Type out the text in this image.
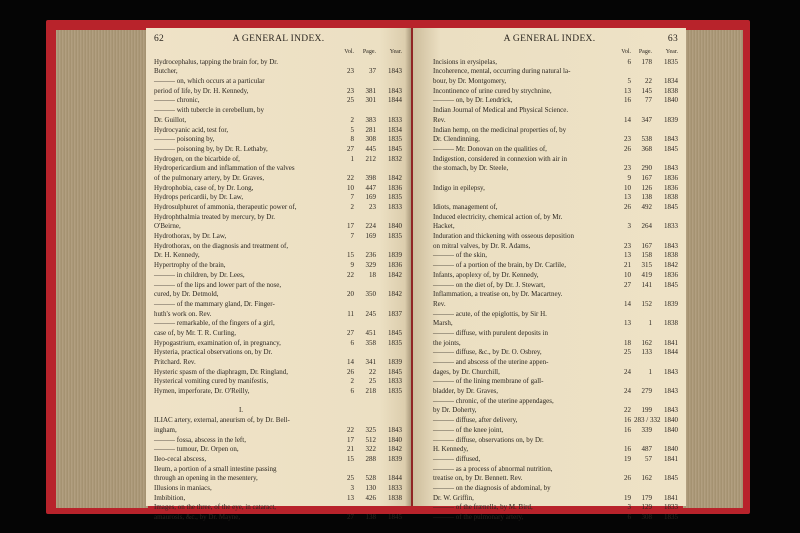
62	A GENERAL INDEX.
Vol.	Page.	Year.
Hydrocephalus, tapping the brain for, by Dr.
Butcher,	23	37	1843
——— on, which occurs at a particular
period of life, by Dr. H. Kennedy,	23	381	1843
——— chronic,	25	301	1844
——— with tubercle in cerebellum, by
Dr. Guillot,	2	383	1833
Hydrocyanic acid, test for,	5	281	1834
——— poisoning by,	8	308	1835
——— poisoning by, by Dr. R. Lethaby,	27	445	1845
Hydrogen, on the bicarbide of,	1	212	1832
Hydropericardium and inflammation of the valves
of the pulmonary artery, by Dr. Graves,	22	398	1842
Hydrophobia, case of, by Dr. Long,	10	447	1836
Hydrops pericardii, by Dr. Law,	7	169	1835
Hydrosulphuret of ammonia, therapeutic power of,	2	23	1833
Hydrophthalmia treated by mercury, by Dr.
O'Beirne,	17	224	1840
Hydrothorax, by Dr. Law,	7	169	1835
Hydrothorax, on the diagnosis and treatment of,
Dr. H. Kennedy,	15	236	1839
Hypertrophy of the brain,	9	329	1836
——— in children, by Dr. Lees,	22	18	1842
——— of the lips and lower part of the nose,
cured, by Dr. Detmold,	20	350	1842
——— of the mammary gland, Dr. Finger-
huth's work on. Rev.	11	245	1837
——— remarkable, of the fingers of a girl,
case of, by Mr. T. R. Curling,	27	451	1845
Hypogastrium, examination of, in pregnancy,	6	358	1835
Hysteria, practical observations on, by Dr.
Pritchard. Rev.	14	341	1839
Hysteric spasm of the diaphragm, Dr. Ringland,	26	22	1845
Hysterical vomiting cured by manifestis,	2	25	1833
Hymen, imperforate, Dr. O'Reilly,	6	218	1835
I.
ILIAC artery, external, aneurism of, by Dr. Bell-
ingham,	22	325	1843
——— fossa, abscess in the left,	17	512	1840
——— tumour, Dr. Orpen on,	21	322	1842
Ileo-cecal abscess,	15	288	1839
Ileum, a portion of a small intestine passing
through an opening in the mesentery,	25	528	1844
Illusions in maniacs,	3	130	1833
Imbibition,	13	426	1838
Images, on the three, of the eye, in cataract,
amaurosis, &c., by Dr. Mayne,	27	138	1845
A GENERAL INDEX.	63
Vol.	Page.	Year.
Incisions in erysipelas,	6	178	1835
Incoherence, mental, occurring during natural la-
bour, by Dr. Montgomery,	5	22	1834
Incontinence of urine cured by strychnine,	13	145	1838
——— on, by Dr. Lendrick,	16	77	1840
Indian Journal of Medical and Physical Science.
Rev.	14	347	1839
Indian hemp, on the medicinal properties of, by
Dr. Clendinning,	23	538	1843
——— Mr. Donovan on the qualities of,	26	368	1845
Indigestion, considered in connexion with air in
the stomach, by Dr. Steele,	23	290	1843
9	167	1836
Indigo in epilepsy,	10	126	1836
13	138	1838
Idiots, management of,	26	492	1845
Induced electricity, chemical action of, by Mr.
Hacket,	3	264	1833
Induration and thickening with osseous deposition
on mitral valves, by Dr. R. Adams,	23	167	1843
——— of the skin,	13	158	1838
——— of a portion of the brain, by Dr. Carlile,	21	315	1842
Infants, apoplexy of, by Dr. Kennedy,	10	419	1836
——— on the diet of, by Dr. J. Stewart,	27	141	1845
Inflammation, a treatise on, by Dr. Macartney.
Rev.	14	152	1839
——— acute, of the epiglottis, by Sir H.
Marsh,	13	1	1838
——— diffuse, with purulent deposits in
the joints,	18	162	1841
——— diffuse, &c., by Dr. O. Osbrey,	25	133	1844
——— and abscess of the uterine appen-
dages, by Dr. Churchill,	24	1	1843
——— of the lining membrane of gall-
bladder, by Dr. Graves,	24	279	1843
——— chronic, of the uterine appendages,
by Dr. Doherty,	22	199	1843
——— diffuse, after delivery,	16 283 / 332 1840
——— of the knee joint,	16	339	1840
——— diffuse, observations on, by Dr.
H. Kennedy,	16	487	1840
——— diffused,	19	57	1841
——— as a process of abnormal nutrition,
treatise on, by Dr. Bennett. Rev.	26	162	1845
——— on the diagnosis of abdominal, by
Dr. W. Griffin,	19	179	1841
——— of the frænella, by M. Bird,	3	129	1833
——— of the pulmonary artery,	6	308	1835
